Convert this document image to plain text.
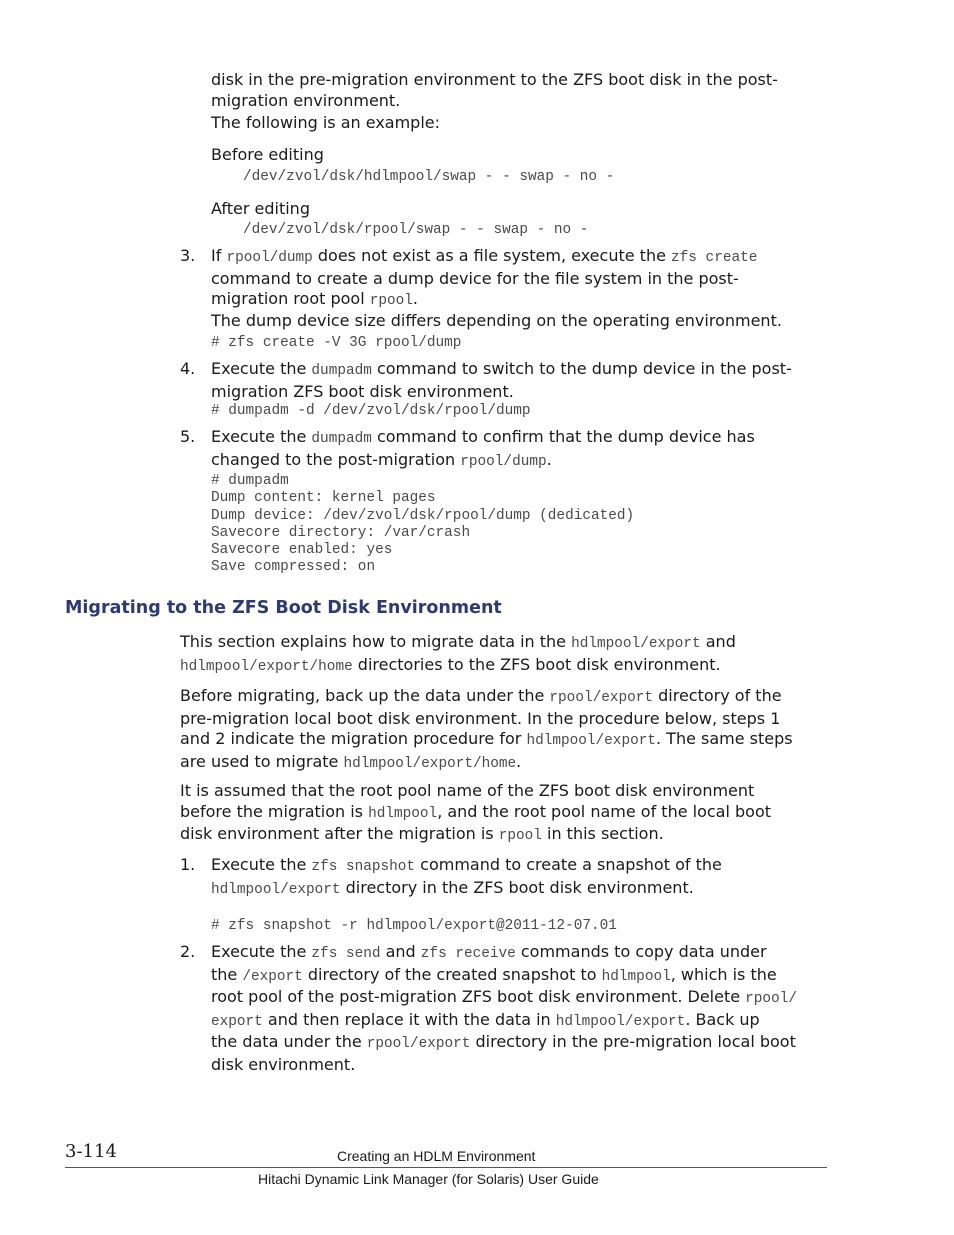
disk in the pre-migration environment to the ZFS boot disk in the post-

migration environment.

The following is an example:

Before editing

/dev/zvol/dsk/hdlmpool/swap - - swap - no -

After editing

/dev/zvol/dsk/rpool/swap - - swap - no -
3. If rpool/dump does not exist as a file system, execute the zfs create
command to create a dump device for the file system in the post-
migration root pool rpool.

The dump device size differs depending on the operating environment.

# zfs create -V 3G rpool/dump
4. Execute the dumpadm command to switch to the dump device in the post-
migration ZFS boot disk environment.
# dumpadm -d /dev/zvol/dsk/rpool/dump
5. Execute the dumpadm command to confirm that the dump device has
changed to the post-migration rpool/dump.
# dumpadm
Dump content: kernel pages
Dump device: /dev/zvol/dsk/rpool/dump (dedicated)
Savecore directory: /var/crash
Savecore enabled: yes
Save compressed: on
Migrating to the ZFS Boot Disk Environment
This section explains how to migrate data in the hdlmpool/export and
hdlmpool/export/home directories to the ZFS boot disk environment.
Before migrating, back up the data under the rpool/export directory of the
pre-migration local boot disk environment. In the procedure below, steps 1
and 2 indicate the migration procedure for hdlmpool/export. The same steps
are used to migrate hdlmpool/export/home.
It is assumed that the root pool name of the ZFS boot disk environment
before the migration is hdlmpool, and the root pool name of the local boot
disk environment after the migration is rpool in this section.
1. Execute the zfs snapshot command to create a snapshot of the
hdlmpool/export directory in the ZFS boot disk environment.
# zfs snapshot -r hdlmpool/export@2011-12-07.01
2. Execute the zfs send and zfs receive commands to copy data under
the /export directory of the created snapshot to hdlmpool, which is the
root pool of the post-migration ZFS boot disk environment. Delete rpool/
export and then replace it with the data in hdlmpool/export. Back up
the data under the rpool/export directory in the pre-migration local boot
disk environment.
3-114	Creating an HDLM Environment
Hitachi Dynamic Link Manager (for Solaris) User Guide
